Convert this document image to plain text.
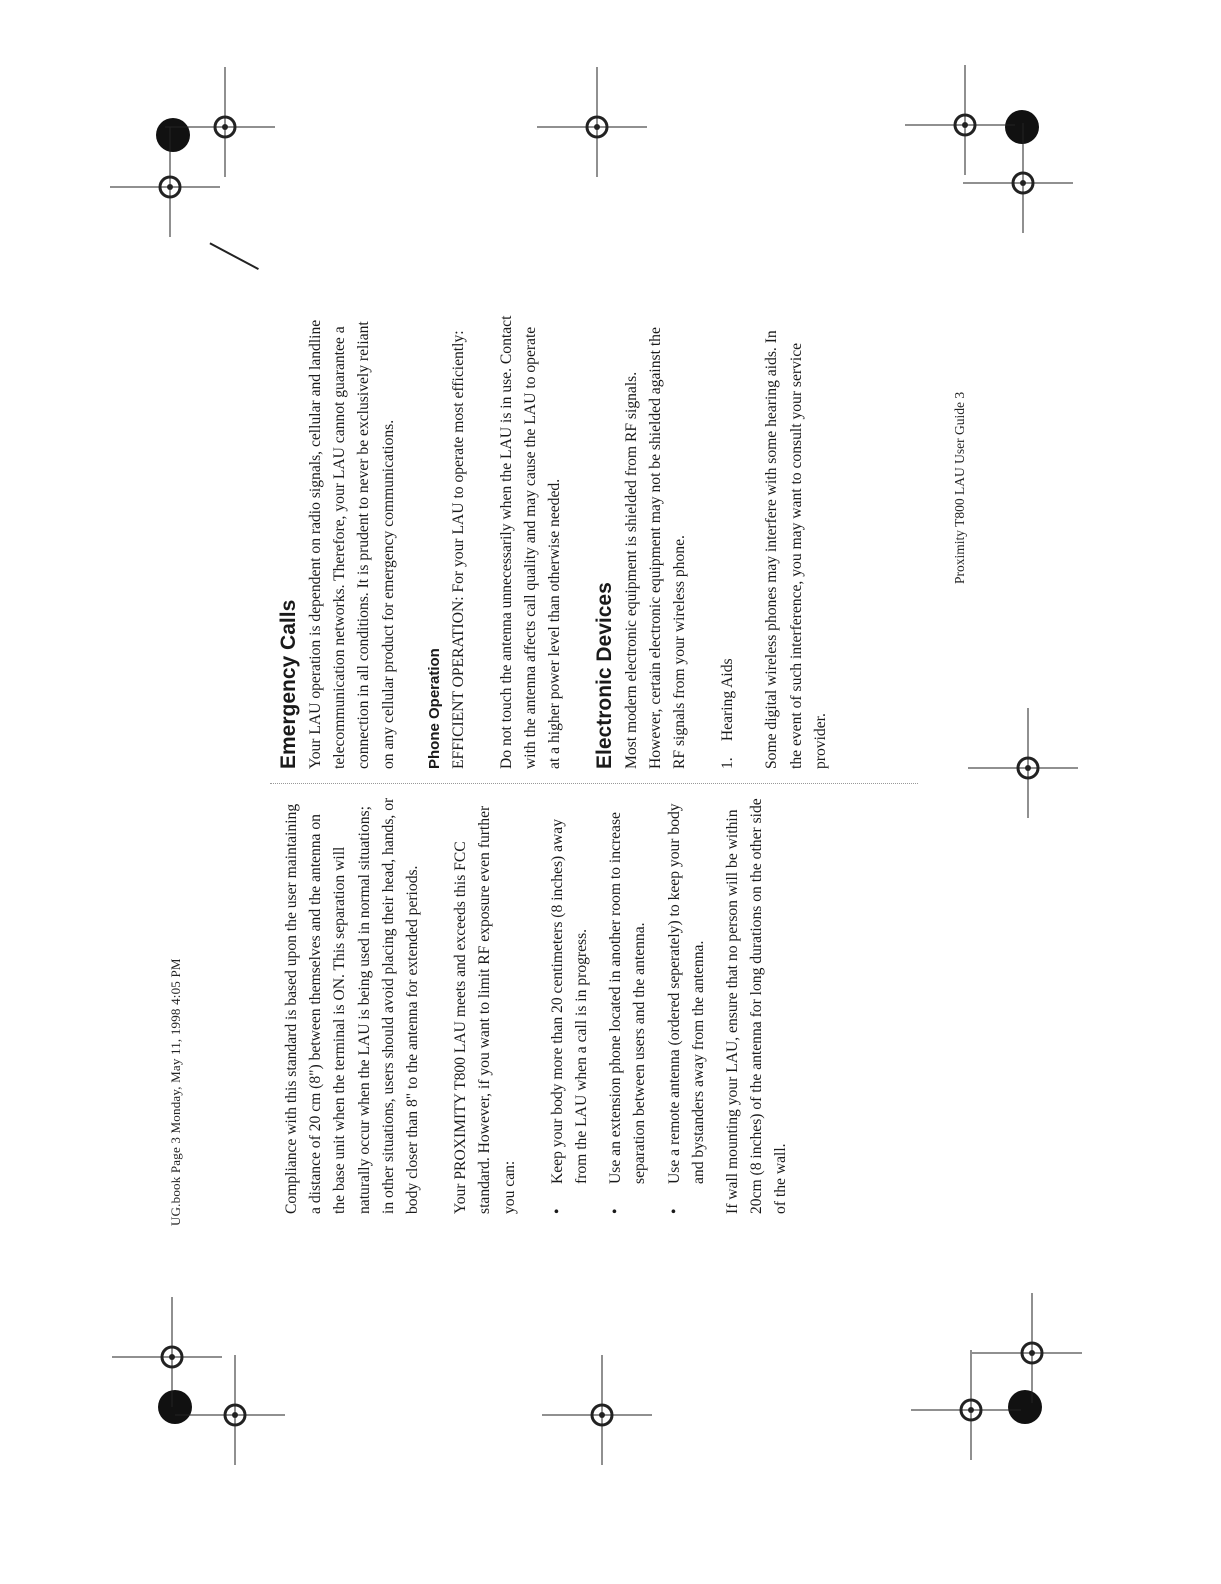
UG.book Page 3 Monday, May 11, 1998 4:05 PM	Compliance with this standard is based upon the user maintaining a distance of 20 cm (8") between themselves and the antenna on the base unit when the terminal is ON. This separation will naturally occur when the LAU is being used in normal situations; in other situations, users should avoid placing their head, hands, or body closer than 8" to the antenna for extended periods. Your PROXIMITY T800 LAU meets and exceeds this FCC standard. However, if you want to limit RF exposure even further you can: •
Keep your body more than 20 centimeters (8 inches) away from the LAU when a call is in progress.
•
Use an extension phone located in another room to increase separation between users and the antenna.
•
Use a remote antenna (ordered seperately) to keep your body and bystanders away from the antenna. If wall mounting your LAU, ensure that no person will be within 20cm (8 inches) of the antenna for long durations on the other side of the wall.

Emergency Calls Your LAU operation is dependent on radio signals, cellular and landline telecommunication networks. Therefore, your LAU cannot guarantee a connection in all conditions. It is prudent to never be exclusively reliant on any cellular product for emergency communications. Phone Operation EFFICIENT OPERATION: For your LAU to operate most efficiently: Do not touch the antenna unnecessarily when the LAU is in use. Contact with the antenna affects call quality and may cause the LAU to operate at a higher power level than otherwise needed. Electronic Devices Most modern electronic equipment is shielded from RF signals. However, certain electronic equipment may not be shielded against the RF signals from your wireless phone. 1. Hearing Aids Some digital wireless phones may interfere with some hearing aids. In the event of such interference, you may want to consult your service provider.

Proximity T800 LAU User Guide 3
